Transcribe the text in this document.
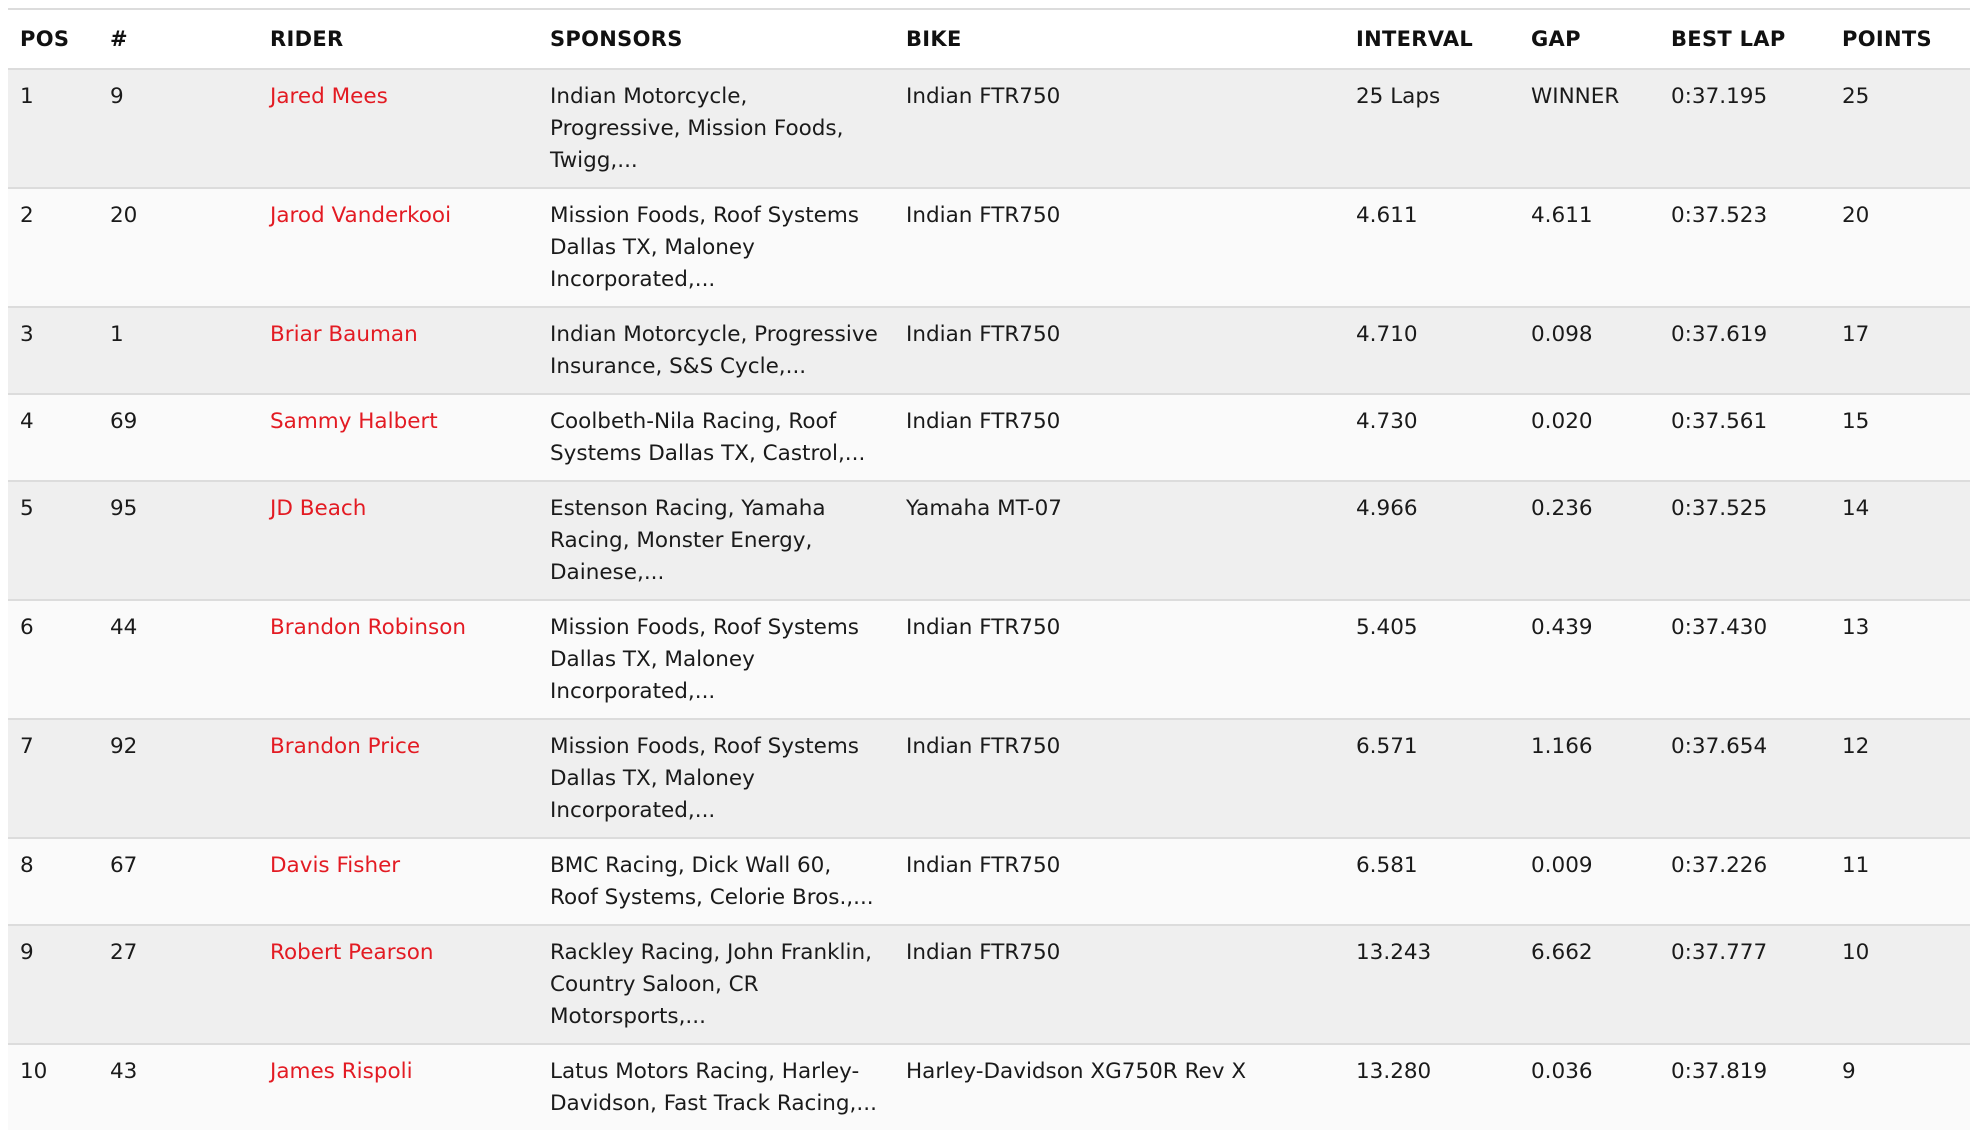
POS	#	RIDER	SPONSORS	BIKE	INTERVAL	GAP	BEST LAP	POINTS
1	9	Jared Mees	Indian Motorcycle, Progressive, Mission Foods, Twigg,...	Indian FTR750	25 Laps	WINNER	0:37.195	25
2	20	Jarod Vanderkooi	Mission Foods, Roof Systems Dallas TX, Maloney Incorporated,...	Indian FTR750	4.611	4.611	0:37.523	20
3	1	Briar Bauman	Indian Motorcycle, Progressive Insurance, S&S Cycle,...	Indian FTR750	4.710	0.098	0:37.619	17
4	69	Sammy Halbert	Coolbeth-Nila Racing, Roof Systems Dallas TX, Castrol,...	Indian FTR750	4.730	0.020	0:37.561	15
5	95	JD Beach	Estenson Racing, Yamaha Racing, Monster Energy, Dainese,...	Yamaha MT-07	4.966	0.236	0:37.525	14
6	44	Brandon Robinson	Mission Foods, Roof Systems Dallas TX, Maloney Incorporated,...	Indian FTR750	5.405	0.439	0:37.430	13
7	92	Brandon Price	Mission Foods, Roof Systems Dallas TX, Maloney Incorporated,...	Indian FTR750	6.571	1.166	0:37.654	12
8	67	Davis Fisher	BMC Racing, Dick Wall 60, Roof Systems, Celorie Bros.,...	Indian FTR750	6.581	0.009	0:37.226	11
9	27	Robert Pearson	Rackley Racing, John Franklin, Country Saloon, CR Motorsports,...	Indian FTR750	13.243	6.662	0:37.777	10
10	43	James Rispoli	Latus Motors Racing, Harley-Davidson, Fast Track Racing,...	Harley-Davidson XG750R Rev X	13.280	0.036	0:37.819	9
